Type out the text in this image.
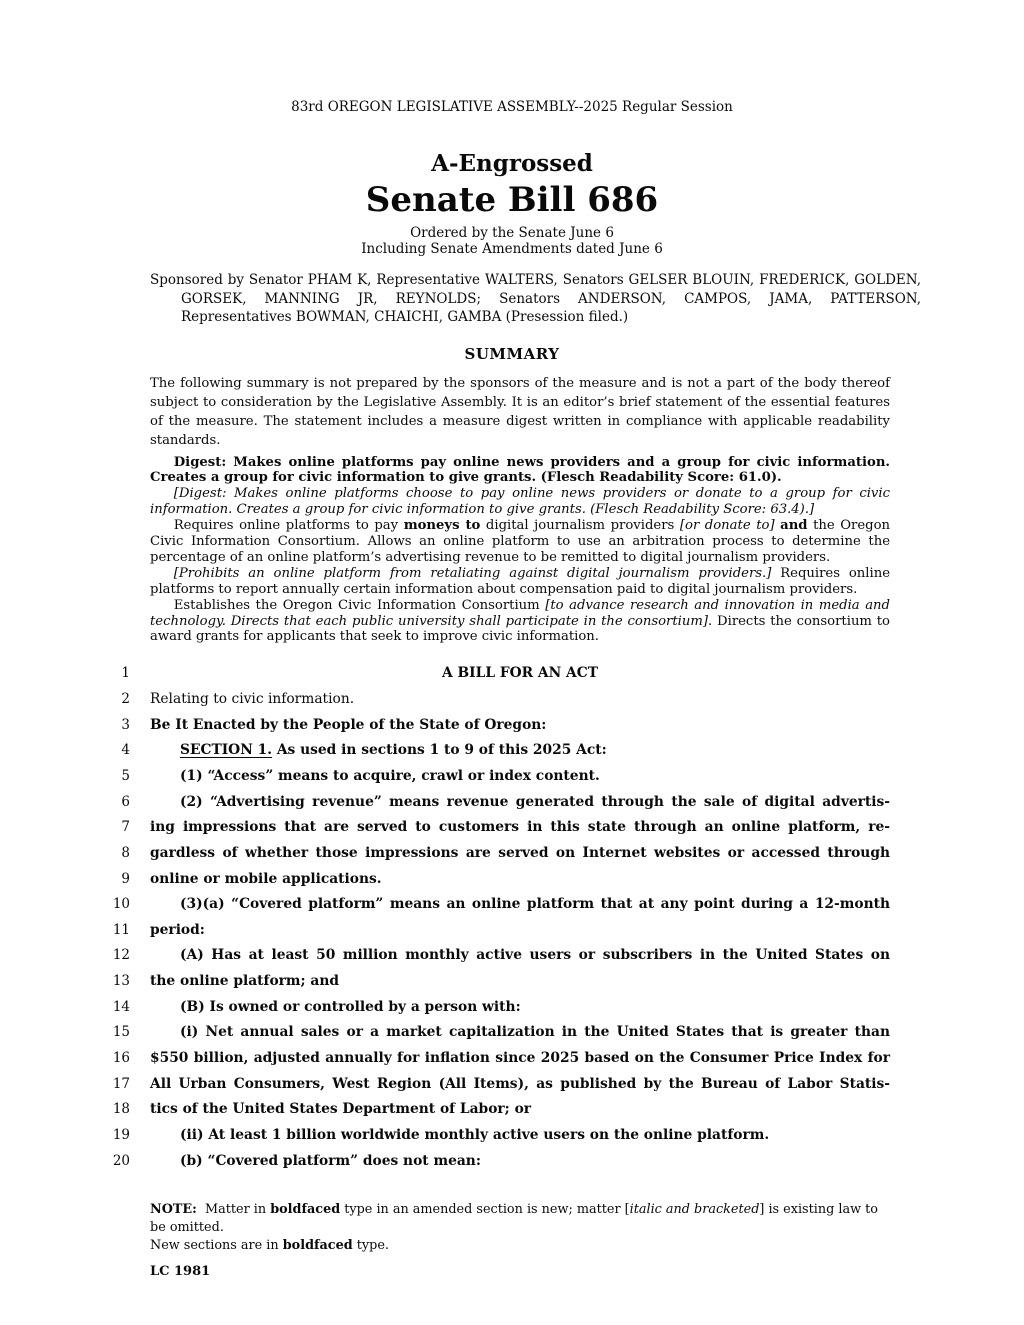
83rd OREGON LEGISLATIVE ASSEMBLY--2025 Regular Session
A-Engrossed
Senate Bill 686
Ordered by the Senate June 6
Including Senate Amendments dated June 6
Sponsored by Senator PHAM K, Representative WALTERS, Senators GELSER BLOUIN, FREDERICK, GOLDEN, GORSEK, MANNING JR, REYNOLDS; Senators ANDERSON, CAMPOS, JAMA, PATTERSON, Representatives BOWMAN, CHAICHI, GAMBA (Presession filed.)
SUMMARY
The following summary is not prepared by the sponsors of the measure and is not a part of the body thereof subject to consideration by the Legislative Assembly. It is an editor’s brief statement of the essential features of the measure. The statement includes a measure digest written in compliance with applicable readability standards.

Digest: Makes online platforms pay online news providers and a group for civic information. Creates a group for civic information to give grants. (Flesch Readability Score: 61.0).

[Digest: Makes online platforms choose to pay online news providers or donate to a group for civic information. Creates a group for civic information to give grants. (Flesch Readability Score: 63.4).]

Requires online platforms to pay moneys to digital journalism providers [or donate to] and the Oregon Civic Information Consortium. Allows an online platform to use an arbitration process to determine the percentage of an online platform’s advertising revenue to be remitted to digital journalism providers.

[Prohibits an online platform from retaliating against digital journalism providers.] Requires online platforms to report annually certain information about compensation paid to digital journalism providers.

Establishes the Oregon Civic Information Consortium [to advance research and innovation in media and technology. Directs that each public university shall participate in the consortium]. Directs the consortium to award grants for applicants that seek to improve civic information.

1	A BILL FOR AN ACT
2 Relating to civic information.
3 Be It Enacted by the People of the State of Oregon:
4	SECTION 1. As used in sections 1 to 9 of this 2025 Act:
5	(1) “Access” means to acquire, crawl or index content.
6	(2) “Advertising revenue” means revenue generated through the sale of digital advertis-
7 ing impressions that are served to customers in this state through an online platform, re-
8 gardless of whether those impressions are served on Internet websites or accessed through
9 online or mobile applications.
10	(3)(a) “Covered platform” means an online platform that at any point during a 12-month
11 period:
12	(A) Has at least 50 million monthly active users or subscribers in the United States on
13 the online platform; and
14	(B) Is owned or controlled by a person with:
15	(i) Net annual sales or a market capitalization in the United States that is greater than
16 $550 billion, adjusted annually for inflation since 2025 based on the Consumer Price Index for
17 All Urban Consumers, West Region (All Items), as published by the Bureau of Labor Statis-
18 tics of the United States Department of Labor; or
19	(ii) At least 1 billion worldwide monthly active users on the online platform.
20	(b) “Covered platform” does not mean:
NOTE:  Matter in boldfaced type in an amended section is new; matter [italic and bracketed] is existing law to be omitted.
New sections are in boldfaced type.
LC 1981
